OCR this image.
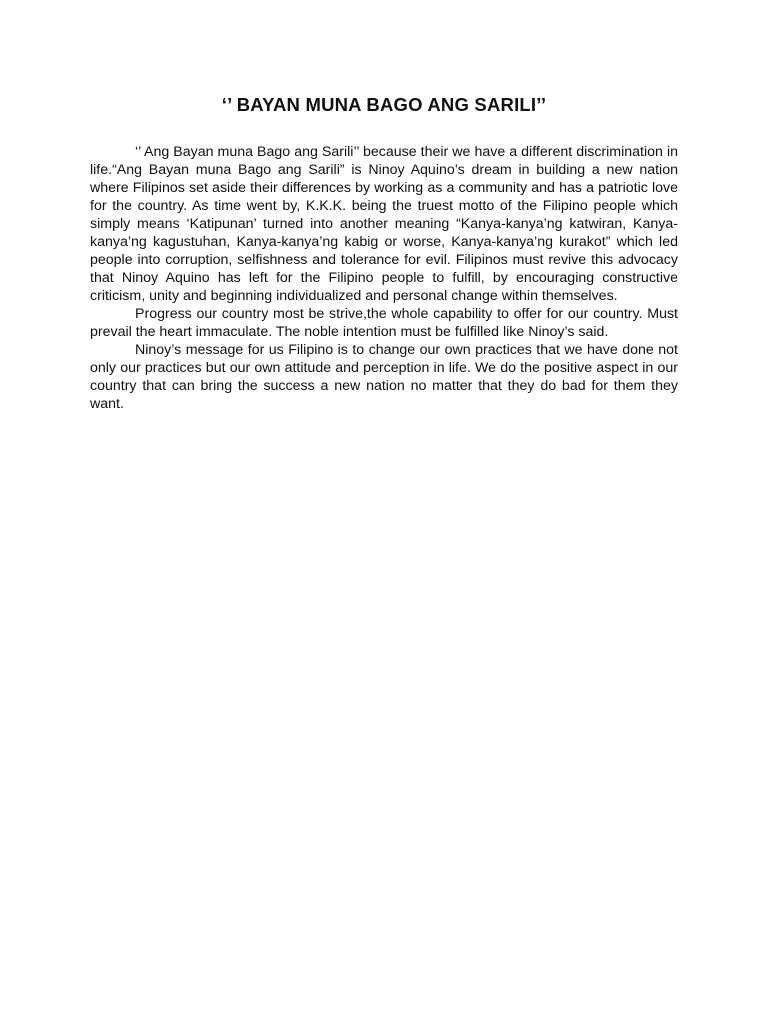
‘’ BAYAN MUNA BAGO ANG SARILI’’

‘’ Ang Bayan muna Bago ang Sarili’’ because their we have a different discrimination in life.“Ang Bayan muna Bago ang Sarili” is Ninoy Aquino’s dream in building a new nation where Filipinos set aside their differences by working as a community and has a patriotic love for the country. As time went by, K.K.K. being the truest motto of the Filipino people which simply means ‘Katipunan’ turned into another meaning “Kanya-kanya’ng katwiran, Kanya-kanya’ng kagustuhan, Kanya-kanya’ng kabig or worse, Kanya-kanya’ng kurakot” which led people into corruption, selfishness and tolerance for evil. Filipinos must revive this advocacy that Ninoy Aquino has left for the Filipino people to fulfill, by encouraging constructive criticism, unity and beginning individualized and personal change within themselves.

Progress our country most be strive,the whole capability to offer for our country. Must prevail the heart immaculate. The noble intention must be fulfilled like Ninoy’s said.

Ninoy’s message for us Filipino is to change our own practices that we have done not only our practices but our own attitude and perception in life. We do the positive aspect in our country that can bring the success a new nation no matter that they do bad for them they want.
